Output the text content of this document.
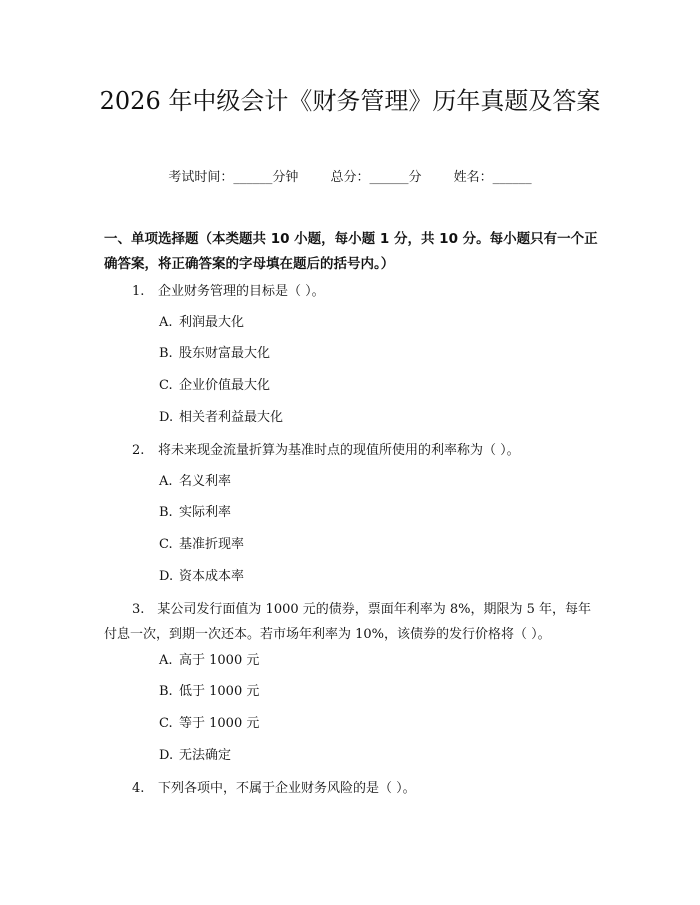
2026 年中级会计《财务管理》历年真题及答案
考试时间：______分钟 总分：______分 姓名：______

一、单项选择题（本类题共 10 小题，每小题 1 分，共 10 分。每小题只有一个正确答案，将正确答案的字母填在题后的括号内。）

1. 企业财务管理的目标是（ ）。
A. 利润最大化
B. 股东财富最大化
C. 企业价值最大化
D. 相关者利益最大化
2. 将未来现金流量折算为基准时点的现值所使用的利率称为（ ）。
A. 名义利率
B. 实际利率
C. 基准折现率
D. 资本成本率
3.　 某公司发行面值为 1000 元的债券，票面年利率为 8%，期限为 5 年，每年付息一次，到期一次还本。若市场年利率为 10%，该债券的发行价格将（ ）。
A. 高于 1000 元
B. 低于 1000 元
C. 等于 1000 元
D. 无法确定
4. 下列各项中，不属于企业财务风险的是（ ）。
